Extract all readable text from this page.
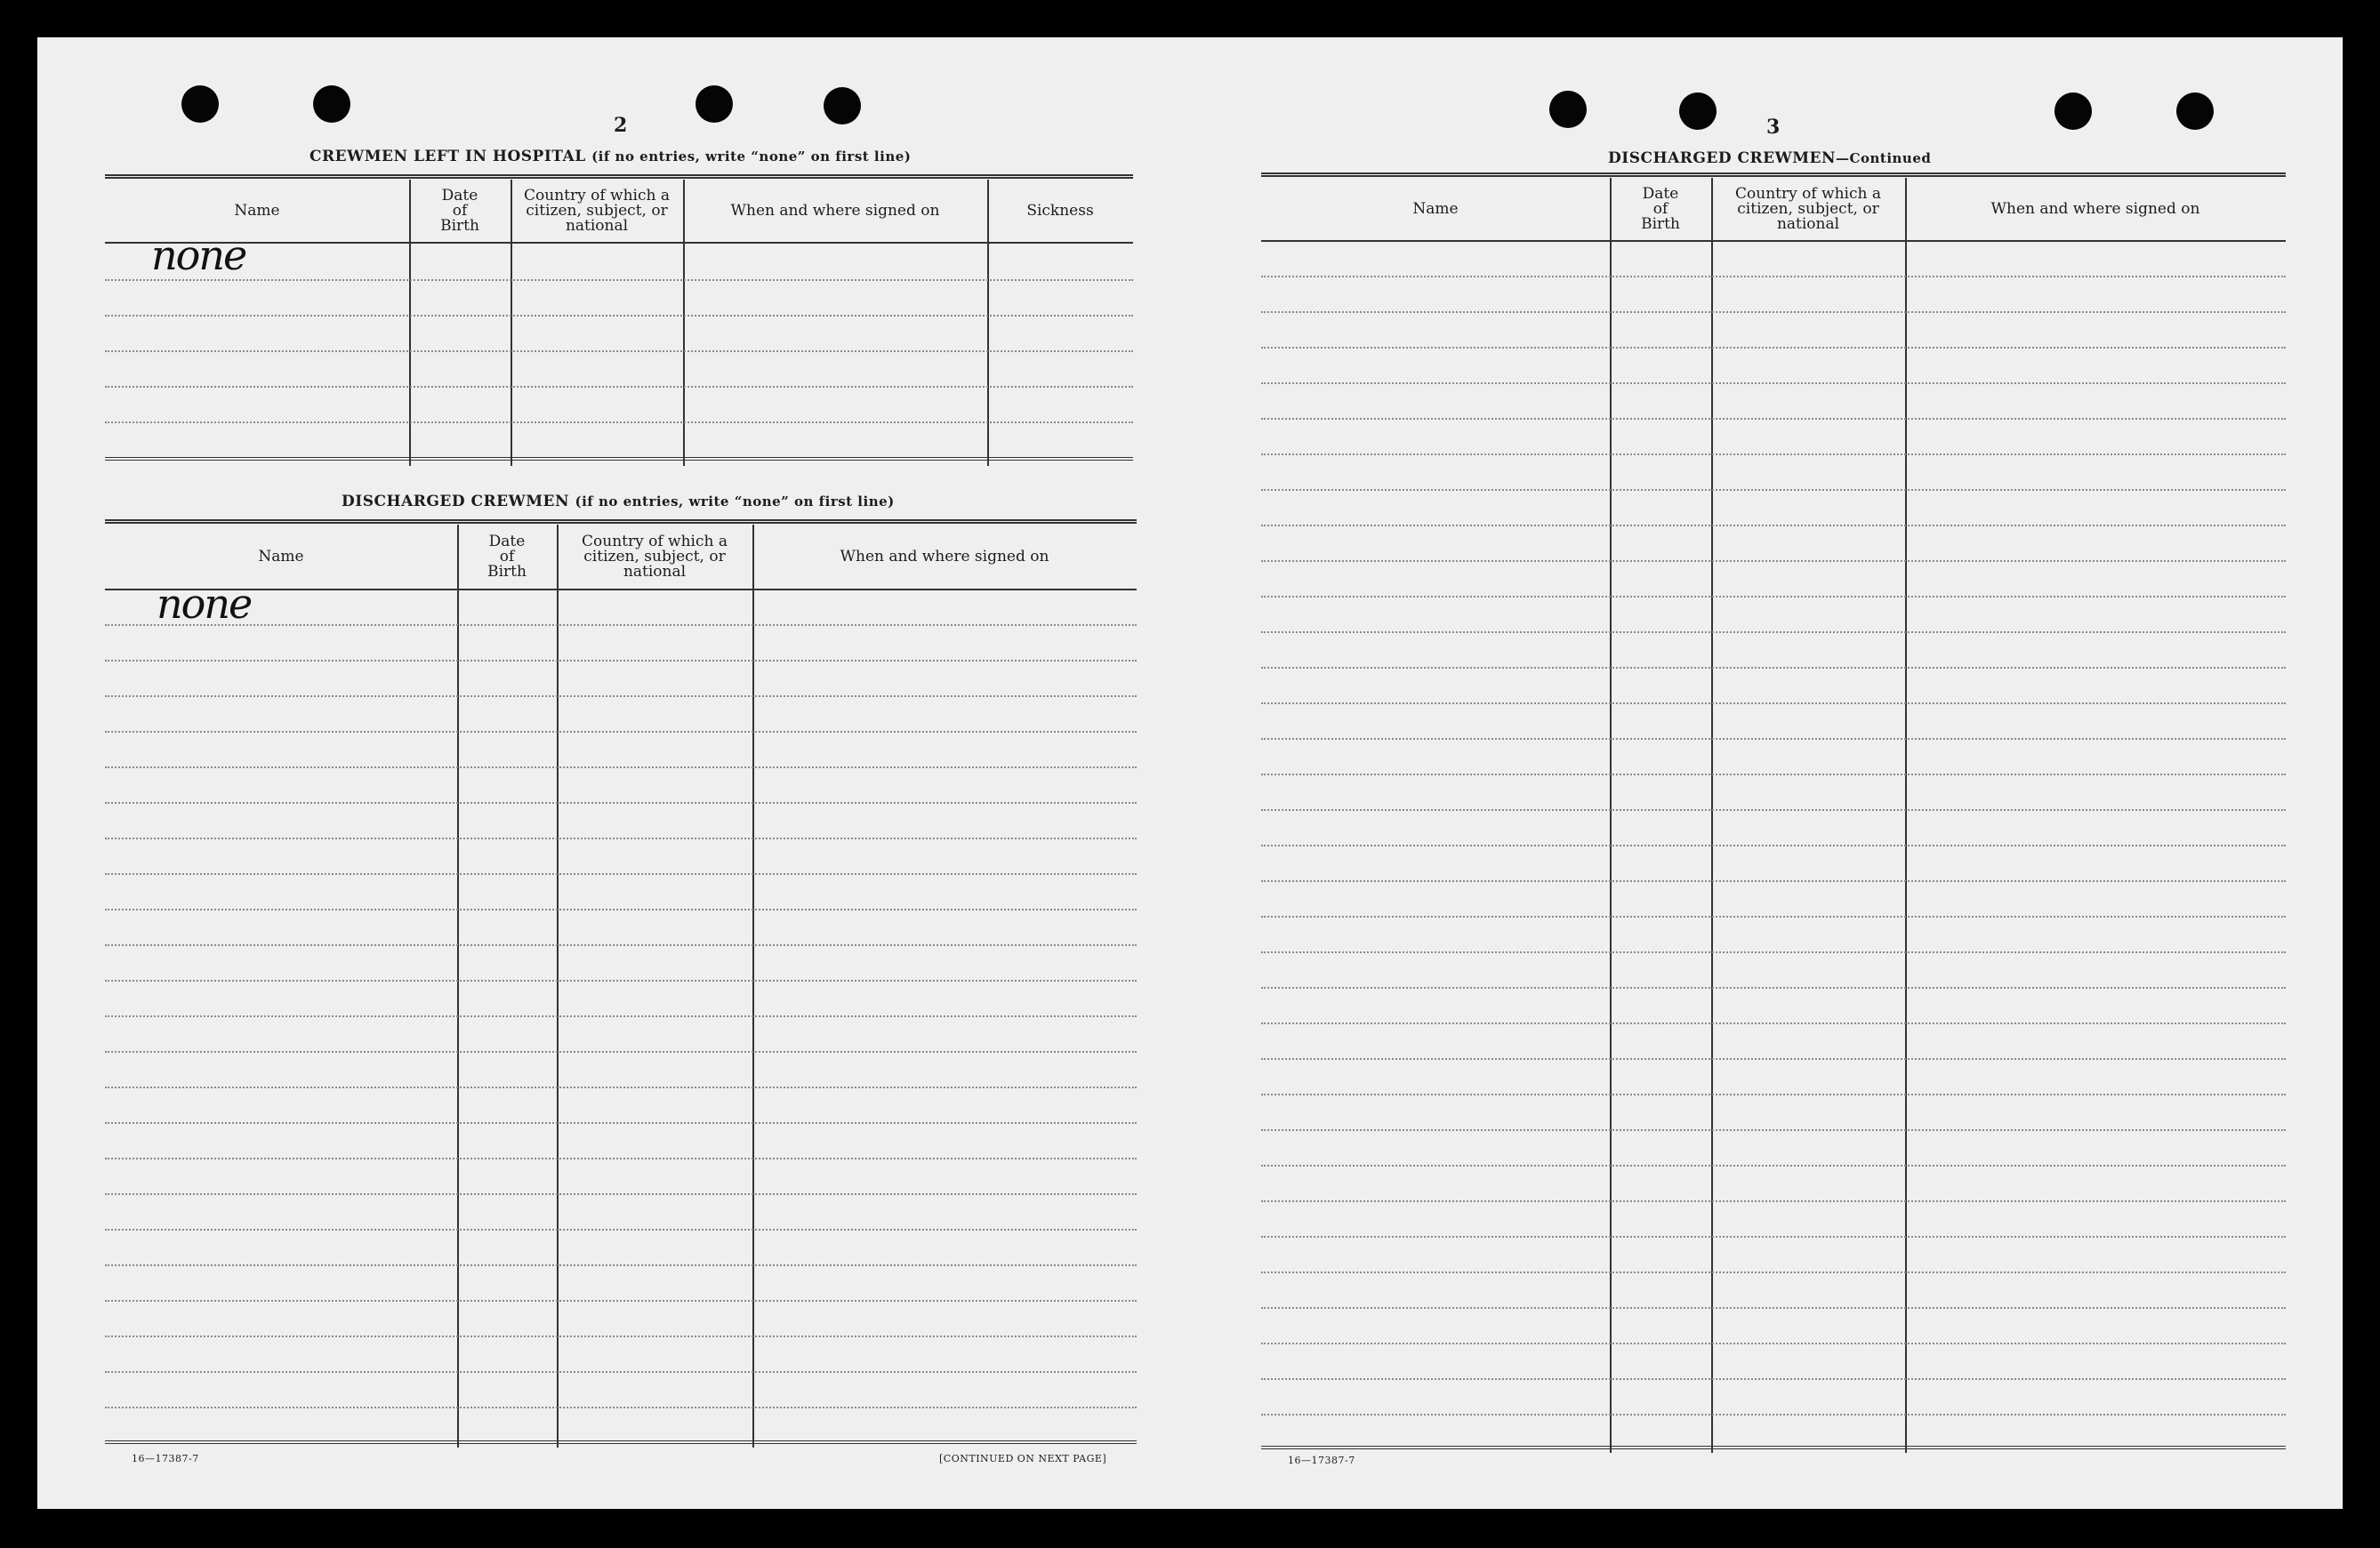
2
CREWMEN LEFT IN HOSPITAL (if no entries, write “none” on first line)
Name
Date
of
Birth
Country of which a
citizen, subject, or
national
When and where signed on	Sickness
none
DISCHARGED CREWMEN (if no entries, write “none” on first line)
Name
Date
of
Birth
Country of which a
citizen, subject, or
national
When and where signed on
none
16—17387-7	[CONTINUED ON NEXT PAGE]
3
DISCHARGED CREWMEN—Continued
Name
Date
of
Birth
Country of which a
citizen, subject, or
national
When and where signed on
16—17387-7
